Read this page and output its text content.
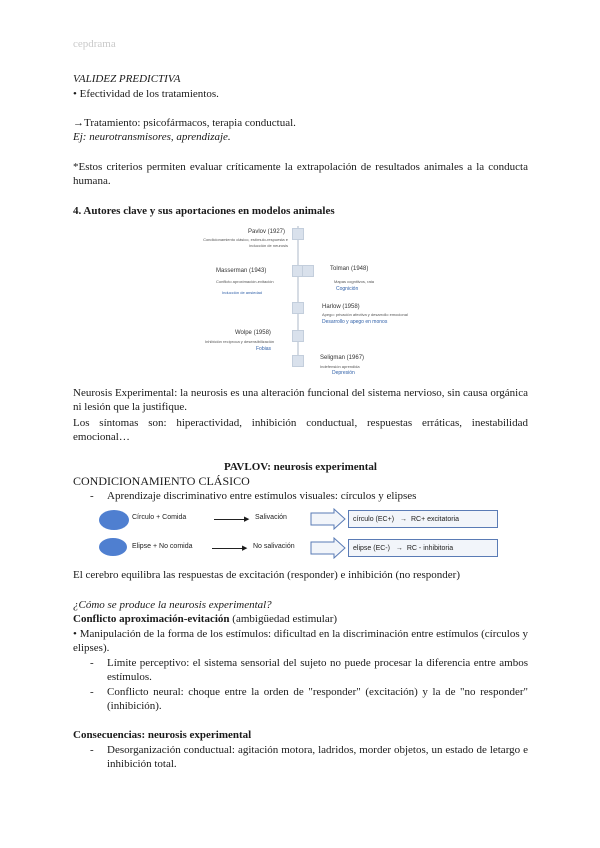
cepdrama
VALIDEZ PREDICTIVA
• Efectividad de los tratamientos.
→Tratamiento: psicofármacos, terapia conductual.
Ej: neurotransmisores, aprendizaje.
*Estos criterios permiten evaluar críticamente la extrapolación de resultados animales a la conducta humana.
4. Autores clave y sus aportaciones en modelos animales
Pavlov (1927)
Condicionamiento clásico, estímulo-respuesta e inducción de neurosis
Masserman (1943)
Conflicto aproximación-evitación
Inducción de ansiedad
Tolman (1948)
Mapas cognitivos, rata
Cognición
Harlow (1958)
Apego: privación afectiva y desarrollo emocional
Desarrollo y apego en monos
Wolpe (1958)
Inhibición recíproca y desensibilización
Fobias
Seligman (1967)
Indefensión aprendida
Depresión
Neurosis Experimental: la neurosis es una alteración funcional del sistema nervioso, sin causa orgánica ni lesión que la justifique.
Los síntomas son: hiperactividad, inhibición conductual, respuestas erráticas, inestabilidad emocional…
PAVLOV: neurosis experimental
CONDICIONAMIENTO CLÁSICO
- Aprendizaje discriminativo entre estímulos visuales: círculos y elipses
Círculo + Comida	▶ Salivación	círculo (EC+) → RC+ excitatoria
Elipse + No comida	▶ No salivación	elipse (EC-) → RC - inhibitoria
El cerebro equilibra las respuestas de excitación (responder) e inhibición (no responder)
¿Cómo se produce la neurosis experimental?
Conflicto aproximación-evitación (ambigüedad estimular)
• Manipulación de la forma de los estímulos: dificultad en la discriminación entre estímulos (círculos y elipses).
- Límite perceptivo: el sistema sensorial del sujeto no puede procesar la diferencia entre ambos estímulos.
- Conflicto neural: choque entre la orden de "responder" (excitación) y la de "no responder" (inhibición).
Consecuencias: neurosis experimental
- Desorganización conductual: agitación motora, ladridos, morder objetos, un estado de letargo e inhibición total.
